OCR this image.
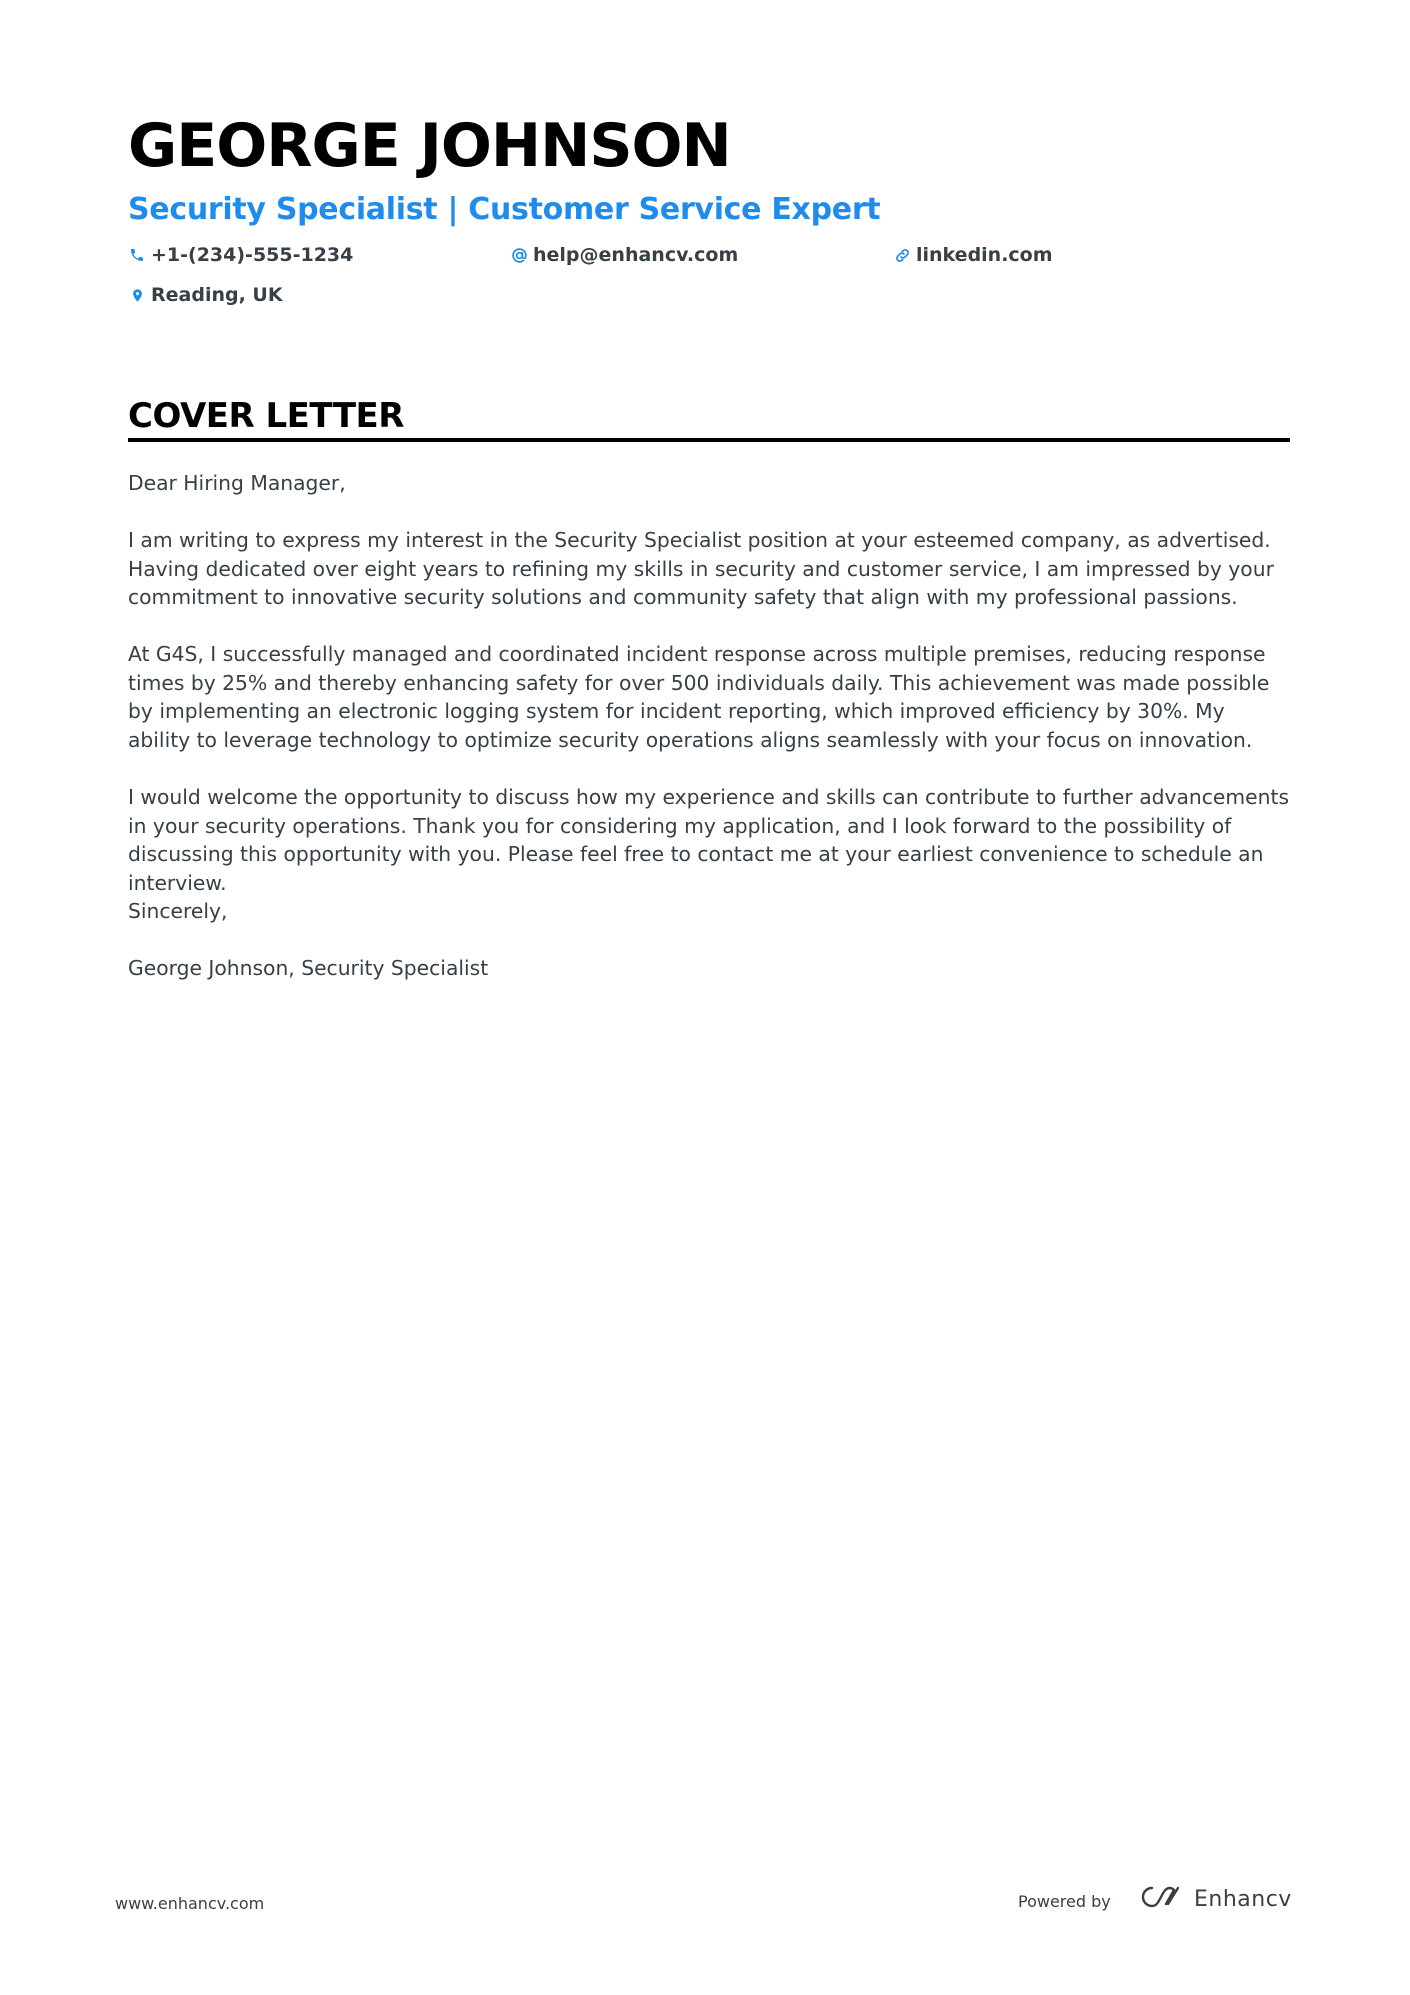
GEORGE JOHNSON
Security Specialist | Customer Service Expert
+1-(234)-555-1234	help@enhancv.com	linkedin.com
Reading, UK
COVER LETTER
Dear Hiring Manager,
I am writing to express my interest in the Security Specialist position at your esteemed company, as advertised. Having dedicated over eight years to refining my skills in security and customer service, I am impressed by your commitment to innovative security solutions and community safety that align with my professional passions.
At G4S, I successfully managed and coordinated incident response across multiple premises, reducing response times by 25% and thereby enhancing safety for over 500 individuals daily. This achievement was made possible by implementing an electronic logging system for incident reporting, which improved efficiency by 30%. My ability to leverage technology to optimize security operations aligns seamlessly with your focus on innovation.
I would welcome the opportunity to discuss how my experience and skills can contribute to further advancements in your security operations. Thank you for considering my application, and I look forward to the possibility of discussing this opportunity with you. Please feel free to contact me at your earliest convenience to schedule an interview.
Sincerely,
George Johnson, Security Specialist
www.enhancv.com	Powered by	Enhancv
